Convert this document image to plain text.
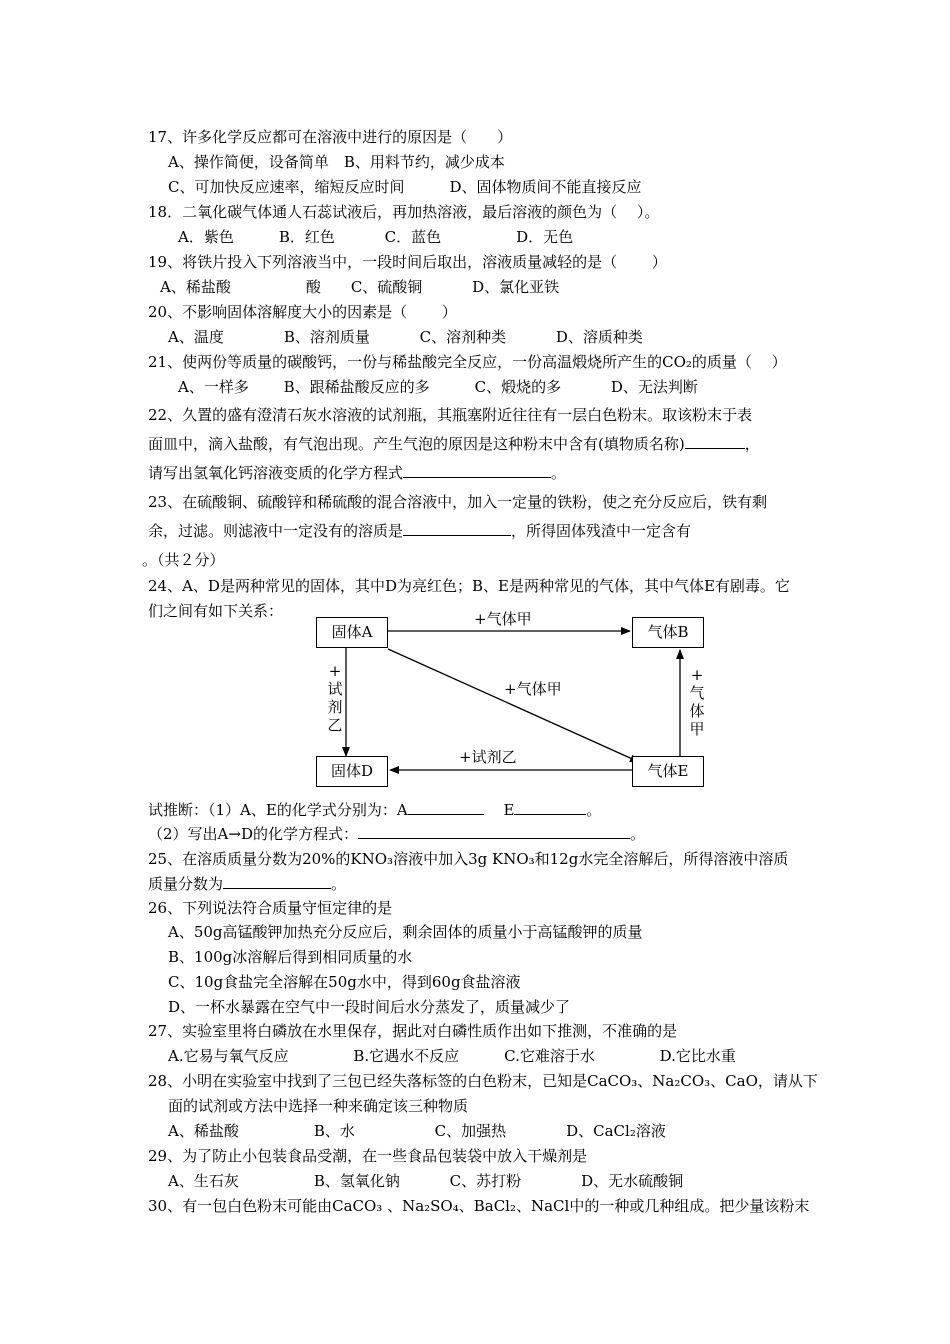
17、许多化学反应都可在溶液中进行的原因是（　　）
A、操作简便，设备简单　B、用料节约，减少成本
C、可加快反应速率，缩短反应时间　　　D、固体物质间不能直接反应
18．二氧化碳气体通人石蕊试液后，再加热溶液，最后溶液的颜色为（　 ）。
A．紫色　　　B．红色　　　 C．蓝色　　　　　D．无色
19、将铁片投入下列溶液当中，一段时间后取出，溶液质量减轻的是（　　 ）
A、稀盐酸　　　　　酸　　C、硫酸铜　　　 D、氯化亚铁
20、不影响固体溶解度大小的因素是（　　 ）
A、温度　　　　B、溶剂质量　　　 C、溶剂种类　　　 D、溶质种类
21、使两份等质量的碳酸钙，一份与稀盐酸完全反应，一份高温煅烧所产生的CO₂的质量（　 ）
A、一样多　　 B、跟稀盐酸反应的多　　　C、煅烧的多　　　 D、无法判断
22、久置的盛有澄清石灰水溶液的试剂瓶，其瓶塞附近往往有一层白色粉末。取该粉末于表
面皿中，滴入盐酸，有气泡出现。产生气泡的原因是这种粉末中含有(填物质名称)	，
请写出氢氧化钙溶液变质的化学方程式	。
23、在硫酸铜、硫酸锌和稀硫酸的混合溶液中，加入一定量的铁粉，使之充分反应后，铁有剩
余，过滤。则滤液中一定没有的溶质是	，所得固体残渣中一定含有
。（共２分）
24、A、D是两种常见的固体，其中D为亮红色；B、E是两种常见的气体，其中气体E有剧毒。它
们之间有如下关系：
固体A	气体B
固体D	气体E
+气体甲
+气体甲
+试剂乙
+
试
剂
乙
+
气
体
甲
试推断：（1）A、E的化学式分别为：A	　 E	。
（2）写出A→D的化学方程式：	。
25、在溶质质量分数为20%的KNO₃溶液中加入3g KNO₃和12g水完全溶解后，所得溶液中溶质
质量分数为	。
26、下列说法符合质量守恒定律的是
A、50g高锰酸钾加热充分反应后，剩余固体的质量小于高锰酸钾的质量
B、100g冰溶解后得到相同质量的水
C、10g食盐完全溶解在50g水中，得到60g食盐溶液
D、一杯水暴露在空气中一段时间后水分蒸发了，质量减少了
27、实验室里将白磷放在水里保存，据此对白磷性质作出如下推测，不准确的是
A.它易与氧气反应　　　　 B.它遇水不反应　　　C.它难溶于水　　　　 D.它比水重
28、小明在实验室中找到了三包已经失落标签的白色粉末，已知是CaCO₃、Na₂CO₃、CaO，请从下
面的试剂或方法中选择一种来确定该三种物质
A、稀盐酸　　　　　B、水　　　　　 C、加强热　　　　D、CaCl₂溶液
29、为了防止小包装食品受潮，在一些食品包装袋中放入干燥剂是
A、生石灰　　　　　B、氢氧化钠　　　 C、苏打粉　　　　D、无水硫酸铜
30、有一包白色粉末可能由CaCO₃ 、Na₂SO₄、BaCl₂、NaCl中的一种或几种组成。把少量该粉末
